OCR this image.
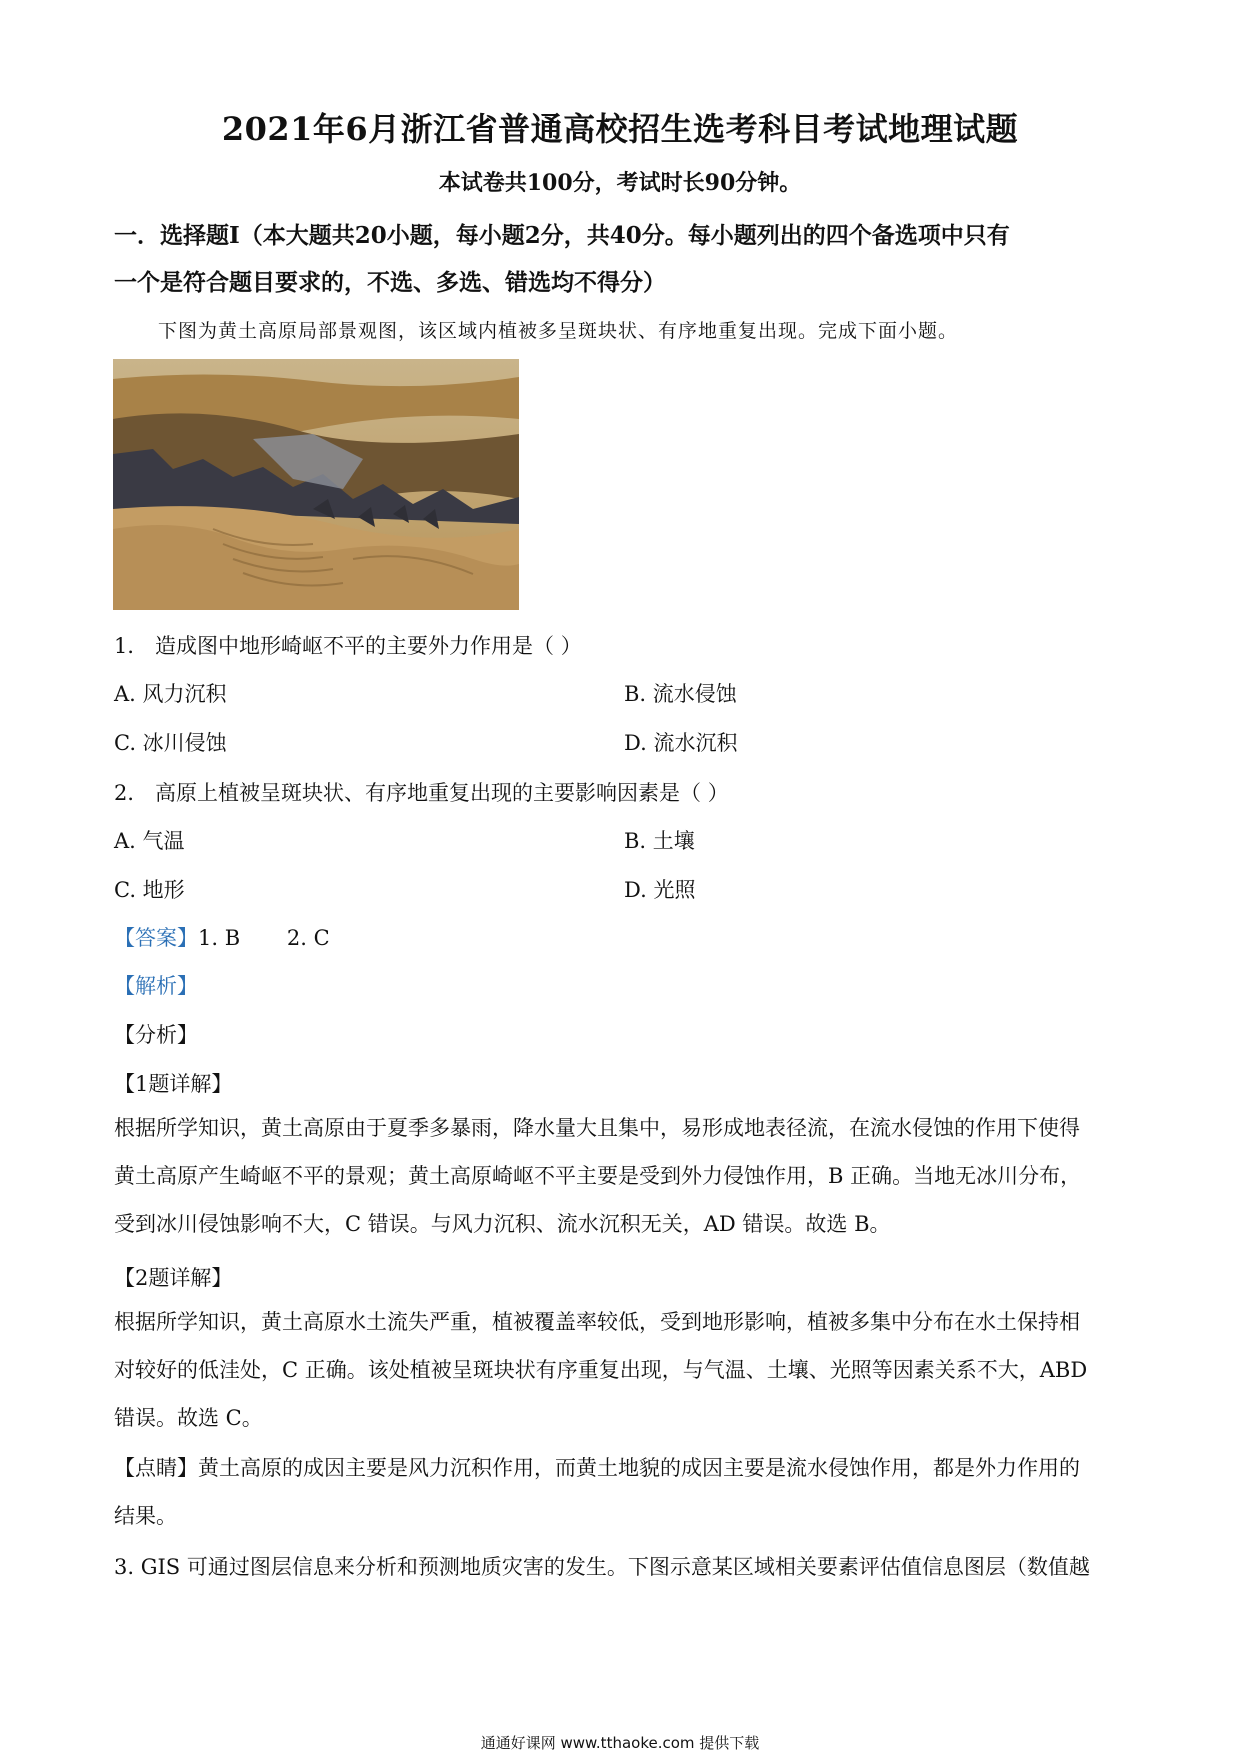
2021年6月浙江省普通高校招生选考科目考试地理试题
本试卷共100分，考试时长90分钟。
一．选择题Ⅰ（本大题共20小题，每小题2分，共40分。每小题列出的四个备选项中只有
一个是符合题目要求的，不选、多选、错选均不得分）
下图为黄土高原局部景观图，该区域内植被多呈斑块状、有序地重复出现。完成下面小题。
1． 造成图中地形崎岖不平的主要外力作用是（ ）
A. 风力沉积	B. 流水侵蚀
C. 冰川侵蚀	D. 流水沉积
2． 高原上植被呈斑块状、有序地重复出现的主要影响因素是（ ）
A. 气温	B. 土壤
C. 地形	D. 光照
【答案】1. B       2. C
【解析】
【分析】
【1题详解】
根据所学知识，黄土高原由于夏季多暴雨，降水量大且集中，易形成地表径流，在流水侵蚀的作用下使得
黄土高原产生崎岖不平的景观；黄土高原崎岖不平主要是受到外力侵蚀作用，B 正确。当地无冰川分布，
受到冰川侵蚀影响不大，C 错误。与风力沉积、流水沉积无关，AD 错误。故选 B。
【2题详解】
根据所学知识，黄土高原水土流失严重，植被覆盖率较低，受到地形影响，植被多集中分布在水土保持相
对较好的低洼处，C 正确。该处植被呈斑块状有序重复出现，与气温、土壤、光照等因素关系不大，ABD
错误。故选 C。
【点睛】黄土高原的成因主要是风力沉积作用，而黄土地貌的成因主要是流水侵蚀作用，都是外力作用的
结果。
3. GIS 可通过图层信息来分析和预测地质灾害的发生。下图示意某区域相关要素评估值信息图层（数值越
通通好课网 www.tthaoke.com 提供下载
